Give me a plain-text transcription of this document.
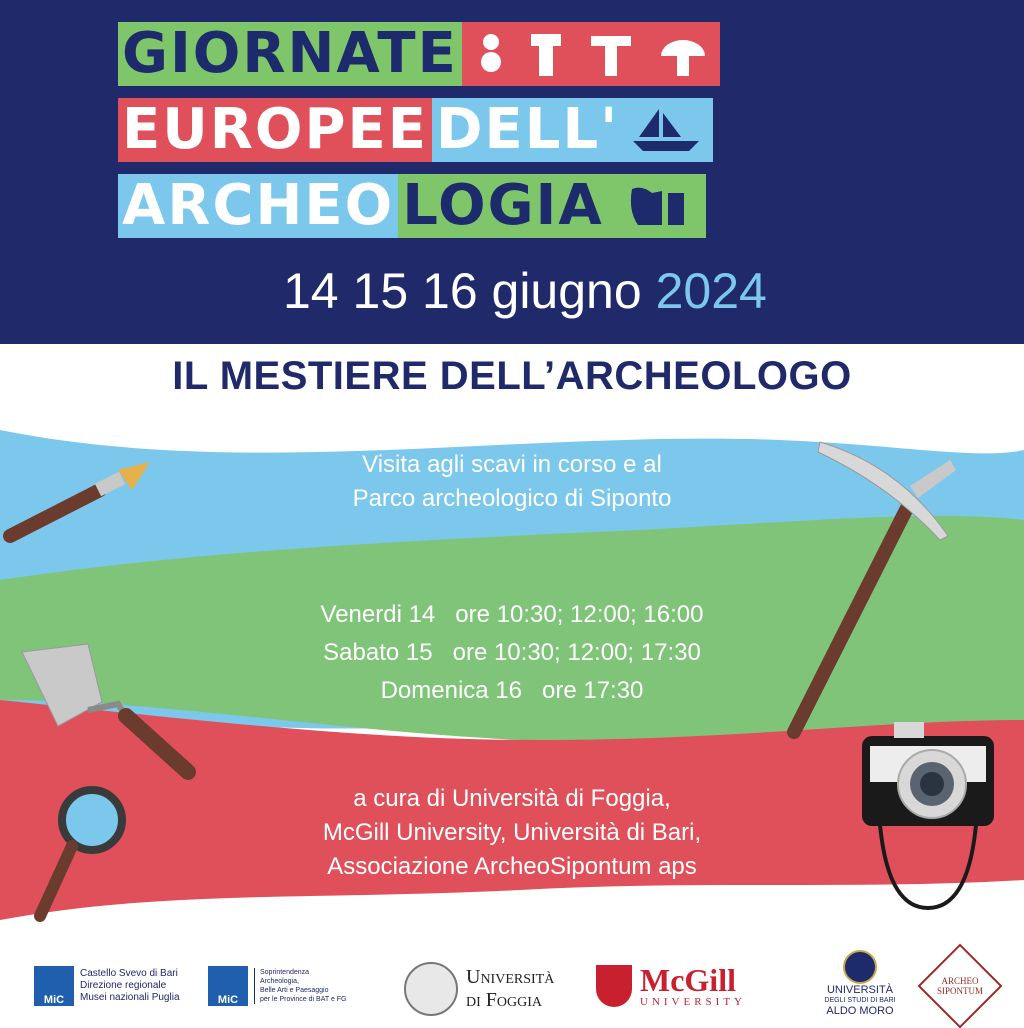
GIORNATE
EUROPEE DELL'
ARCHEO LOGIA
14 15 16 giugno 2024
IL MESTIERE DELL’ARCHEOLOGO
Visita agli scavi in corso e al
Parco archeologico di Siponto
Venerdi 14   ore 10:30; 12:00; 16:00
Sabato 15   ore 10:30; 12:00; 17:30
Domenica 16   ore 17:30
a cura di Università di Foggia,
McGill University, Università di Bari,
Associazione ArcheoSipontum aps
MiC
Castello Svevo di Bari
Direzione regionale
Musei nazionali Puglia	MiC
Soprintendenza
Archeologia,
Belle Arti e Paesaggio
per le Province di BAT e FG
Università
di Foggia
McGill
UNIVERSITY
UNIVERSITÀ
DEGLI STUDI DI BARI
ALDO MORO
ARCHEO SIPONTUM
